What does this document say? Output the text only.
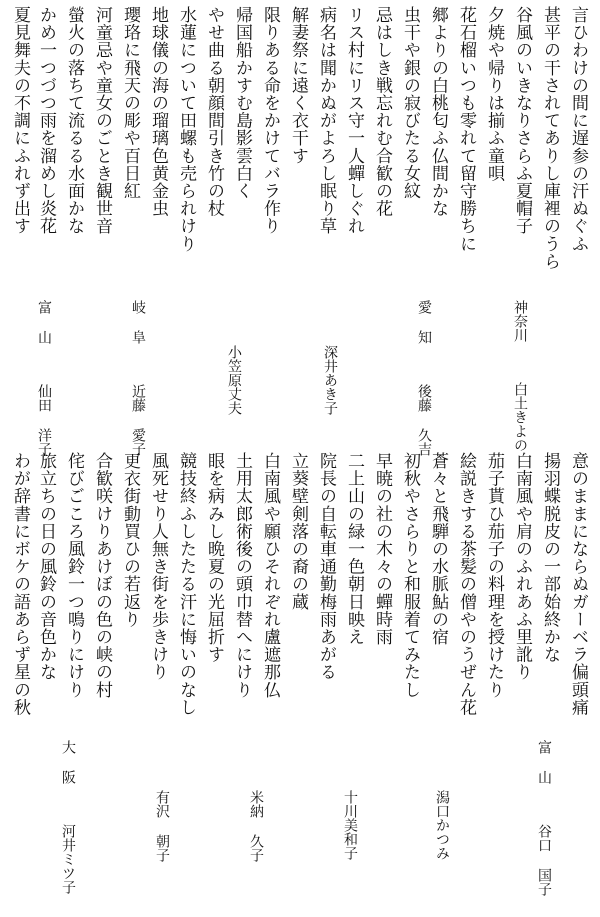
言ひわけの間に遅参の汗ぬぐふ
甚平の干されてありし庫裡のうら
谷風のいきなりさらふ夏帽子
夕焼や帰りは揃ふ童唄
花石榴いつも零れて留守勝ちに
郷よりの白桃匂ふ仏間かな
虫干や銀の寂びたる女紋
忌はしき戦忘れむ合歓の花
リス村にリス守一人蟬しぐれ
病名は聞かぬがよろし眠り草
解妻祭に遠く衣干す
限りある命をかけてバラ作り
帰国船かすむ島影雲白く
やせ曲る朝顔間引き竹の杖
水蓮について田螺も売られけり
地球儀の海の瑠璃色黄金虫
瓔珞に飛天の彫や百日紅
河童忌や童女のごとき観世音
螢火の落ちて流るる水面かな
かめ一つづつ雨を溜めし炎花
夏見舞夫の不調にふれず出す
神奈川白土きよの
愛 知後藤 久吉
深井あき子
小笠原丈夫
岐 阜近藤 愛子
富 山仙田 洋子
意のままにならぬガーベラ偏頭痛
揚羽蝶脱皮の一部始終かな
白南風や肩のふれあふ里訛り
茄子貰ひ茄子の料理を授けたり
絵説きする茶髪の僧やのうぜん花
蒼々と飛騨の水脈鮎の宿
初秋やさらりと和服着てみたし
早暁の社の木々の蟬時雨
二上山の緑一色朝日映え
院長の自転車通勤梅雨あがる
立葵壁剣落の裔の蔵
白南風や願ひそれぞれ盧遮那仏
土用太郎術後の頭巾替へにけり
眼を病みし晩夏の光屈折す
競技終ふしたたる汗に悔いのなし
風死せり人無き街を歩きけり
更衣街動買ひの若返り
合歓咲けりあけぼの色の峡の村
侘びごころ風鈴一つ鳴りにけり
旅立ちの日の風鈴の音色かな
わが辞書にボケの語あらず星の秋
富 山谷口 国子
潟口かつみ
十川美和子
米納 久子
有沢 朝子
大 阪河井ミツ子
